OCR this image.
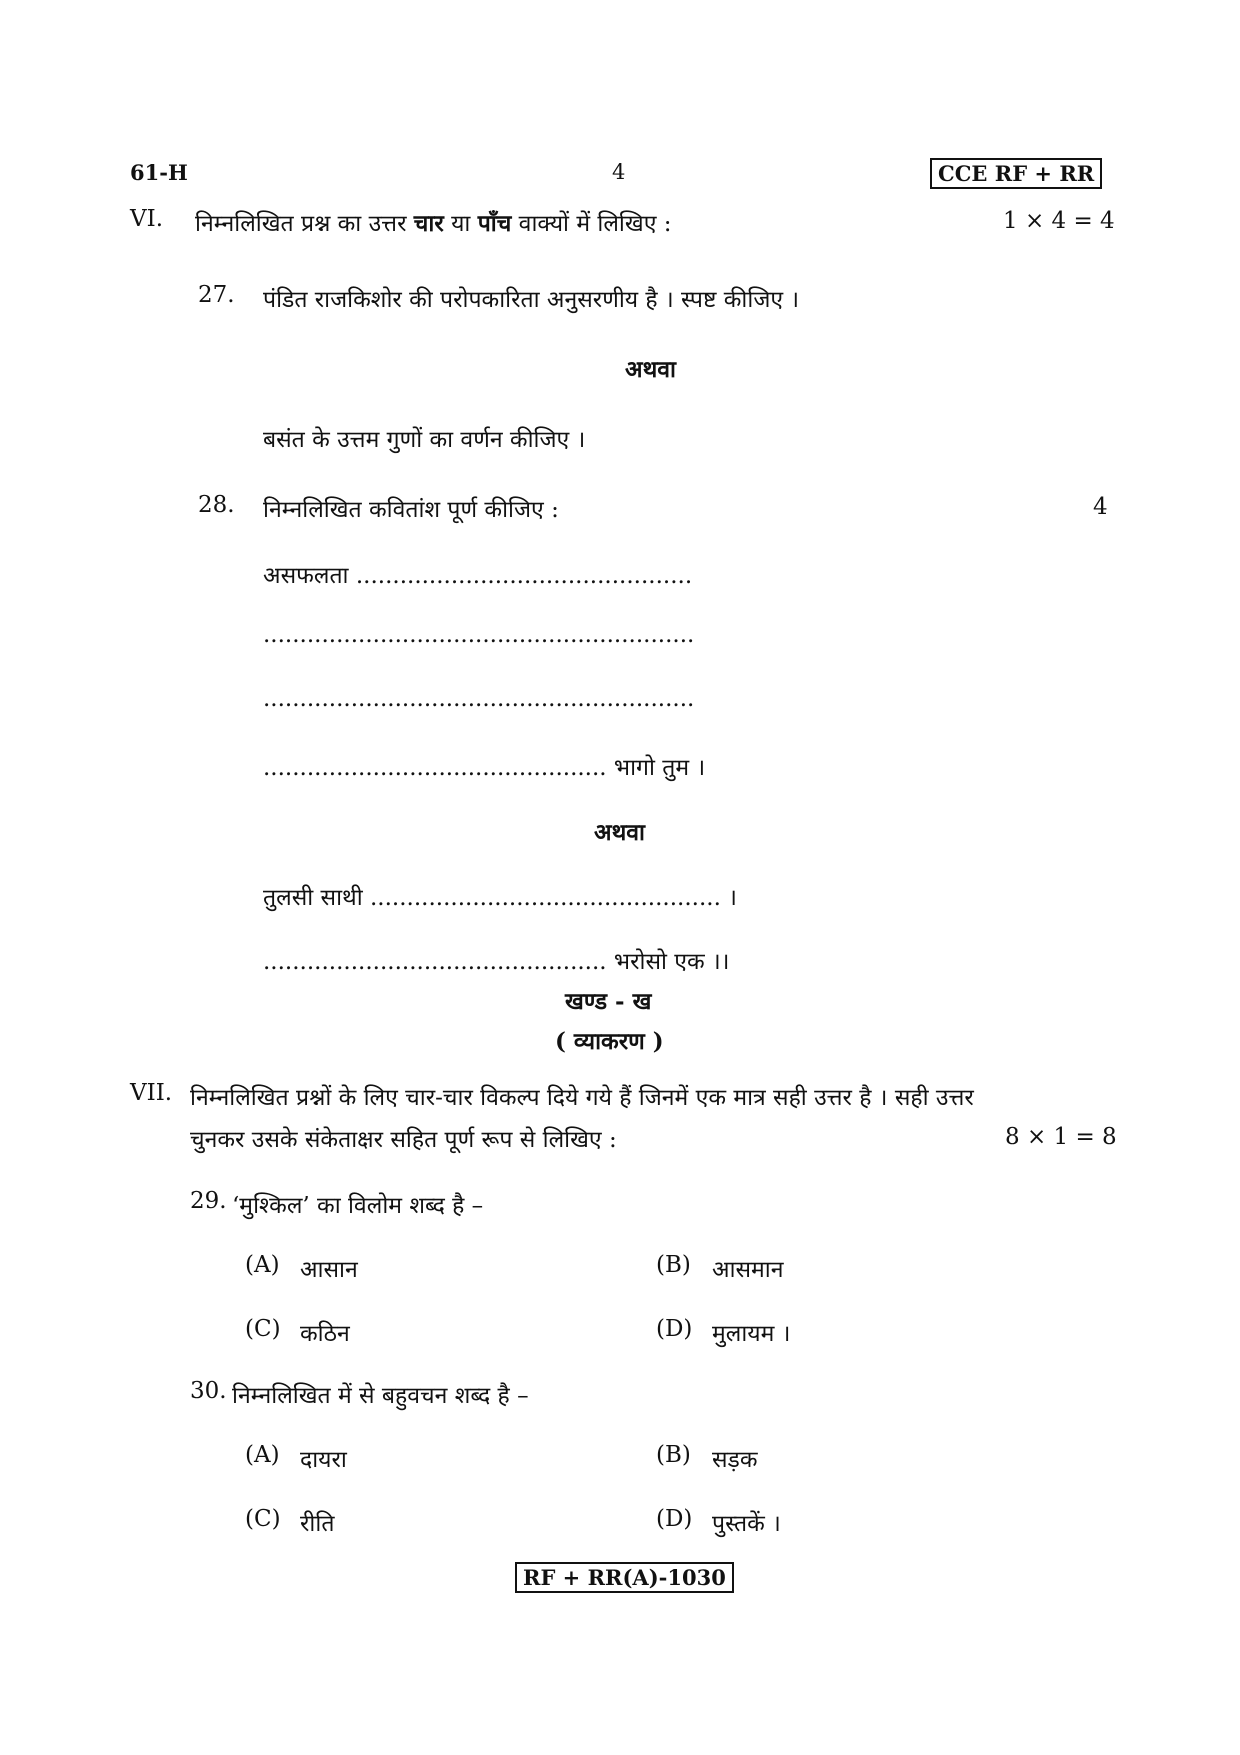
61-H	4	CCE RF + RR
VI. निम्नलिखित प्रश्न का उत्तर चार या पाँच वाक्यों में लिखिए :	1 × 4 = 4
27. पंडित राजकिशोर की परोपकारिता अनुसरणीय है । स्पष्ट कीजिए ।
अथवा
बसंत के उत्तम गुणों का वर्णन कीजिए ।
28. निम्नलिखित कवितांश पूर्ण कीजिए :	4
असफलता ..............................................
...........................................................
...........................................................
............................................... भागो तुम ।
अथवा
तुलसी साथी ................................................ ।
............................................... भरोसो एक ।।
खण्ड - ख
( व्याकरण )
VII. निम्नलिखित प्रश्नों के लिए चार-चार विकल्प दिये गये हैं जिनमें एक मात्र सही उत्तर है । सही उत्तर
चुनकर उसके संकेताक्षर सहित पूर्ण रूप से लिखिए :	8 × 1 = 8
29. ‘मुश्किल’ का विलोम शब्द है –
(A) आसान	(B) आसमान
(C) कठिन	(D) मुलायम ।
30. निम्नलिखित में से बहुवचन शब्द है –
(A) दायरा	(B) सड़क
(C) रीति	(D) पुस्तकें ।
RF + RR(A)-1030
